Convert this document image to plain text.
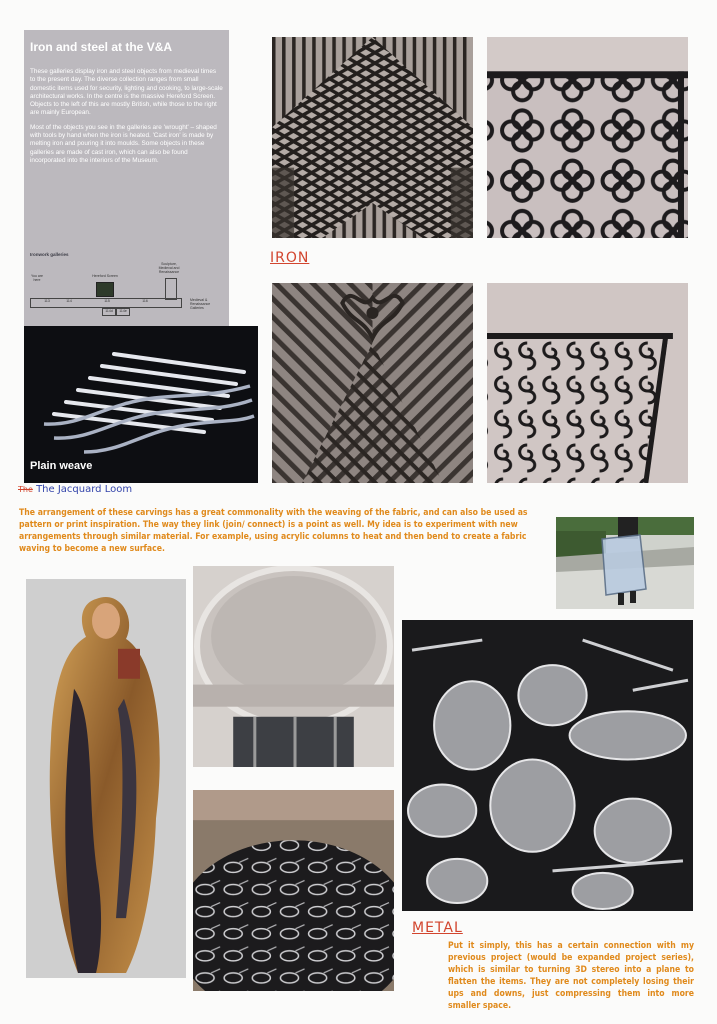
Iron and steel at the V&A

These galleries display iron and steel objects from medieval times to the present day. The diverse collection ranges from small domestic items used for security, lighting and cooking, to large-scale architectural works. In the centre is the massive Hereford Screen. Objects to the left of this are mostly British, while those to the right are mainly European.

Most of the objects you see in the galleries are 'wrought' – shaped with tools by hand when the iron is heated. 'Cast iron' is made by melting iron and pouring it into moulds. Some objects in these galleries are made of cast iron, which can also be found incorporated into the interiors of the Museum.

Ironwork galleries
You are here
Hereford Screen
Sculpture, Medieval and Renaissance
113	114	115	116
114d	114e
Medieval & Renaissance Galleries
IRON
Plain weave
The The Jacquard Loom
The arrangement of these carvings has a great commonality with the weaving of the fabric, and can also be used as pattern or print inspiration. The way they link (join/ connect) is a point as well. My idea is to experiment with new arrangements through similar material. For example, using acrylic columns to heat and then bend to create a fabric waving to become a new surface.
METAL
Put it simply, this has a certain connection with my previous project (would be expanded project series), which is similar to turning 3D stereo into a plane to flatten the items. They are not completely losing their ups and downs, just compressing them into more smaller space.
